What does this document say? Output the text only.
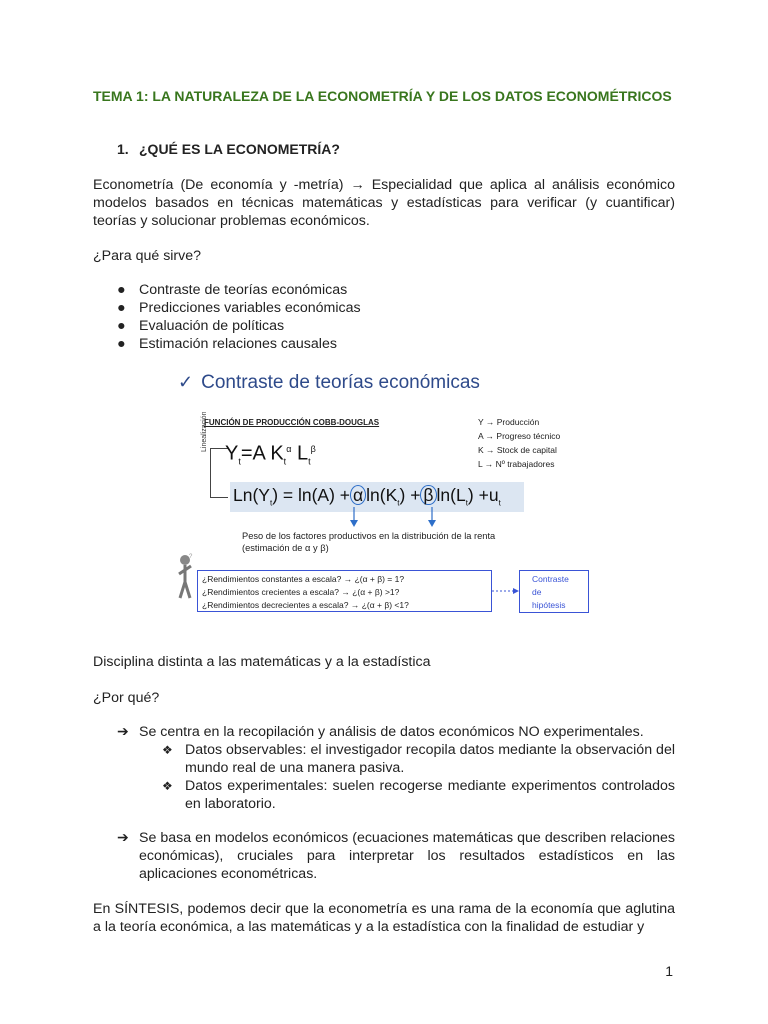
TEMA 1: LA NATURALEZA DE LA ECONOMETRÍA Y DE LOS DATOS ECONOMÉTRICOS
1. ¿QUÉ ES LA ECONOMETRÍA?
Econometría (De economía y -metría) → Especialidad que aplica al análisis económico modelos basados en técnicas matemáticas y estadísticas para verificar (y cuantificar) teorías y solucionar problemas económicos.
¿Para qué sirve?
● Contraste de teorías económicas
● Predicciones variables económicas
● Evaluación de políticas
● Estimación relaciones causales
✓ Contraste de teorías económicas
FUNCIÓN DE PRODUCCIÓN COBB-DOUGLAS	Y → Producción
A → Progreso técnico
K → Stock de capital
L → Nº trabajadores
Linealización
$Y_t=A$ $K_t^\alpha$ $L_t^\beta$
$Ln(Y_t) = \ln(A) + \alpha$ $\ln(K_t) + \beta$ $\ln(L_t) +u_t$
Peso de los factores productivos en la distribución de la renta
(estimación de α y β)
?
¿Rendimientos constantes a escala? → ¿(α + β) = 1?
¿Rendimientos crecientes a escala? → ¿(α + β) >1?
¿Rendimientos decrecientes a escala? → ¿(α + β) <1?
Contraste
de
hipótesis
Disciplina distinta a las matemáticas y a la estadística
¿Por qué?
➔ Se centra en la recopilación y análisis de datos económicos NO experimentales.
❖ Datos observables: el investigador recopila datos mediante la observación del mundo real de una manera pasiva.
❖ Datos experimentales: suelen recogerse mediante experimentos controlados en laboratorio.
➔ Se basa en modelos económicos (ecuaciones matemáticas que describen relaciones económicas), cruciales para interpretar los resultados estadísticos en las aplicaciones econométricas.
En SÍNTESIS, podemos decir que la econometría es una rama de la economía que aglutina a la teoría económica, a las matemáticas y a la estadística con la finalidad de estudiar y
1
